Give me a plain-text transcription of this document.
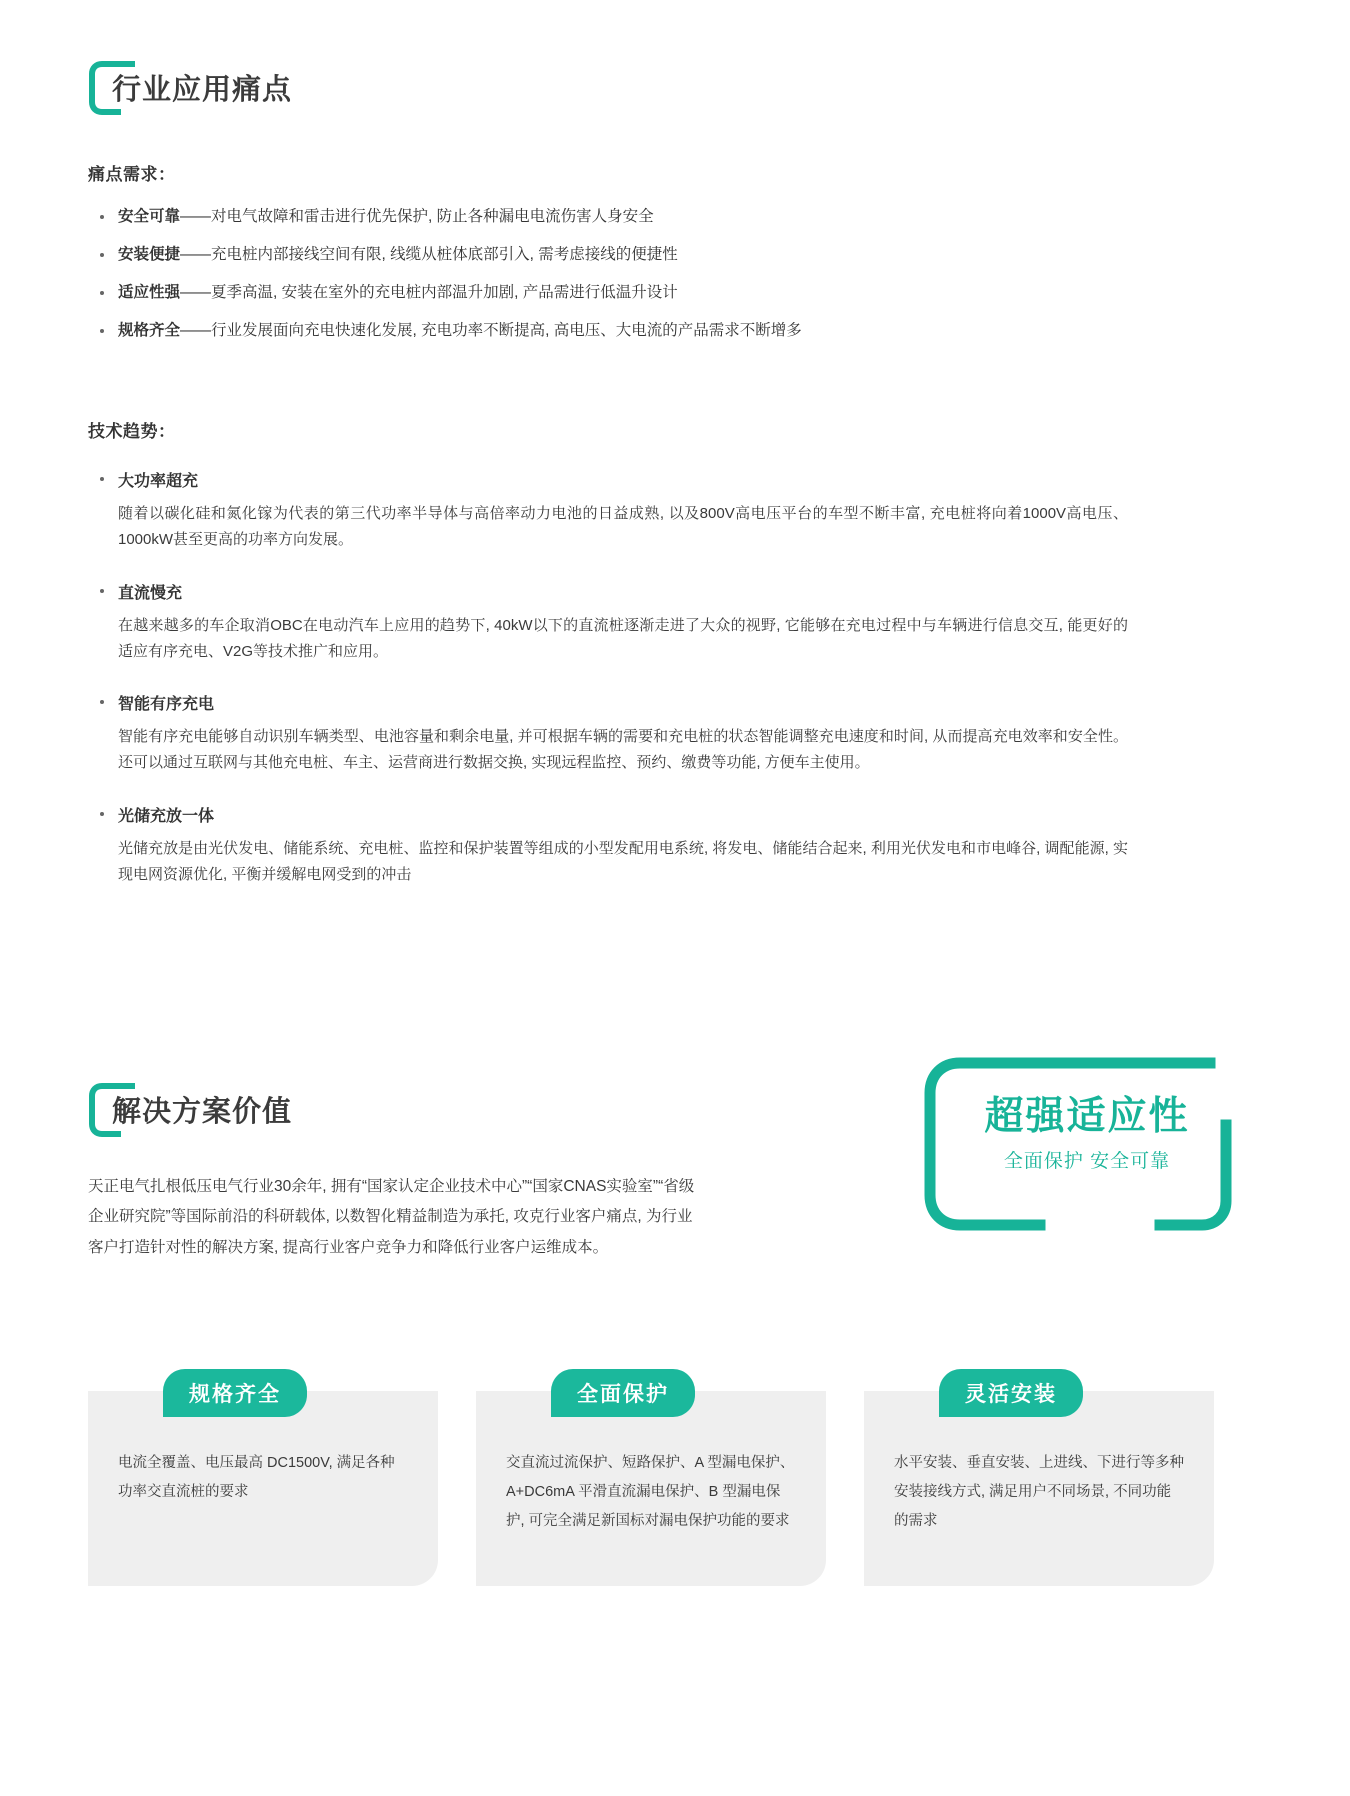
行业应用痛点
痛点需求：
安全可靠——对电气故障和雷击进行优先保护, 防止各种漏电电流伤害人身安全
安装便捷——充电桩内部接线空间有限, 线缆从桩体底部引入, 需考虑接线的便捷性
适应性强——夏季高温, 安装在室外的充电桩内部温升加剧, 产品需进行低温升设计
规格齐全——行业发展面向充电快速化发展, 充电功率不断提高, 高电压、大电流的产品需求不断增多
技术趋势：
大功率超充
随着以碳化硅和氮化镓为代表的第三代功率半导体与高倍率动力电池的日益成熟, 以及800V高电压平台的车型不断丰富, 充电桩将向着1000V高电压、1000kW甚至更高的功率方向发展。
直流慢充
在越来越多的车企取消OBC在电动汽车上应用的趋势下, 40kW以下的直流桩逐渐走进了大众的视野, 它能够在充电过程中与车辆进行信息交互, 能更好的适应有序充电、V2G等技术推广和应用。
智能有序充电
智能有序充电能够自动识别车辆类型、电池容量和剩余电量, 并可根据车辆的需要和充电桩的状态智能调整充电速度和时间, 从而提高充电效率和安全性。还可以通过互联网与其他充电桩、车主、运营商进行数据交换, 实现远程监控、预约、缴费等功能, 方便车主使用。
光储充放一体
光储充放是由光伏发电、储能系统、充电桩、监控和保护装置等组成的小型发配用电系统, 将发电、储能结合起来, 利用光伏发电和市电峰谷, 调配能源, 实现电网资源优化, 平衡并缓解电网受到的冲击
解决方案价值
天正电气扎根低压电气行业30余年, 拥有“国家认定企业技术中心”“国家CNAS实验室”“省级企业研究院”等国际前沿的科研载体, 以数智化精益制造为承托, 攻克行业客户痛点, 为行业客户打造针对性的解决方案, 提高行业客户竞争力和降低行业客户运维成本。
超强适应性
全面保护 安全可靠
规格齐全
电流全覆盖、电压最高 DC1500V, 满足各种功率交直流桩的要求
全面保护
交直流过流保护、短路保护、A 型漏电保护、A+DC6mA 平滑直流漏电保护、B 型漏电保护, 可完全满足新国标对漏电保护功能的要求
灵活安装
水平安装、垂直安装、上进线、下进行等多种安装接线方式, 满足用户不同场景, 不同功能的需求
